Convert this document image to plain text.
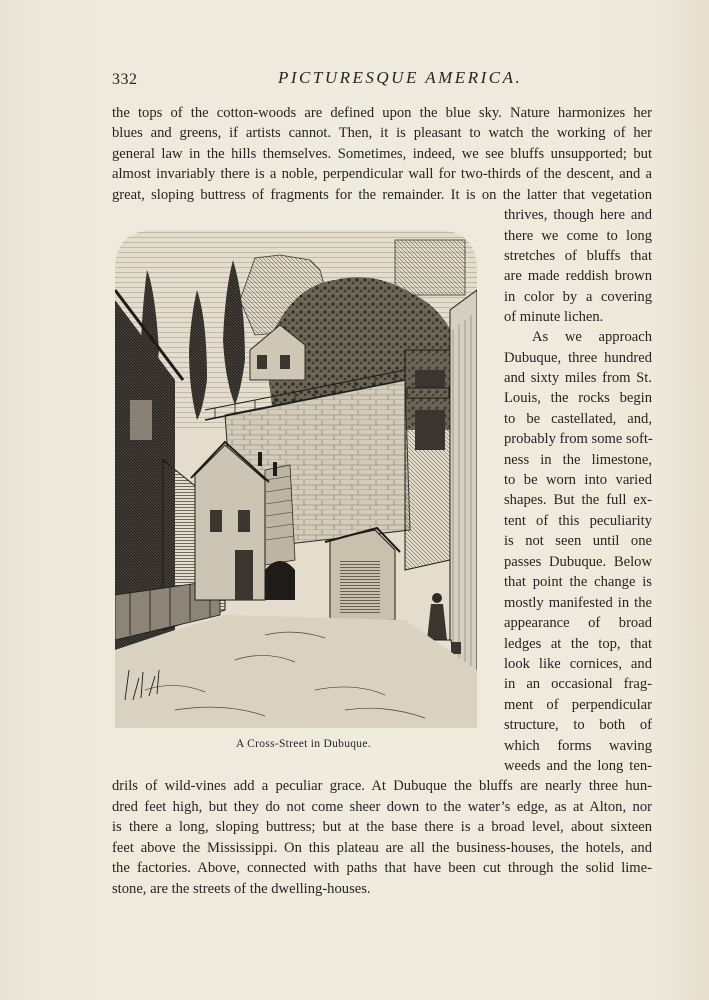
332	PICTURESQUE AMERICA.
the tops of the cotton-woods are defined upon the blue sky. Nature harmonizes her
blues and greens, if artists cannot. Then, it is pleasant to watch the working of her
general law in the hills themselves. Sometimes, indeed, we see bluffs unsupported; but
almost invariably there is a noble, perpendicular wall for two-thirds of the descent, and a
great, sloping buttress of fragments for the remainder. It is on the latter that vegetation
thrives, though here and
there we come to long
stretches of bluffs that
are made reddish brown
in color by a covering
of minute lichen.
As we approach
Dubuque, three hundred
and sixty miles from St.
Louis, the rocks begin
to be castellated, and,
probably from some soft-
ness in the limestone,
to be worn into varied
shapes. But the full ex-
tent of this peculiarity
is not seen until one
passes Dubuque. Below
that point the change is
mostly manifested in the
appearance of broad
ledges at the top, that
look like cornices, and
in an occasional frag-
ment of perpendicular
structure, to both of
which forms waving
weeds and the long ten-
drils of wild-vines add a peculiar grace. At Dubuque the bluffs are nearly three hun-
dred feet high, but they do not come sheer down to the water’s edge, as at Alton, nor
is there a long, sloping buttress; but at the base there is a broad level, about sixteen
feet above the Mississippi. On this plateau are all the business-houses, the hotels, and
the factories. Above, connected with paths that have been cut through the solid lime-
stone, are the streets of the dwelling-houses.
A Cross-Street in Dubuque.
